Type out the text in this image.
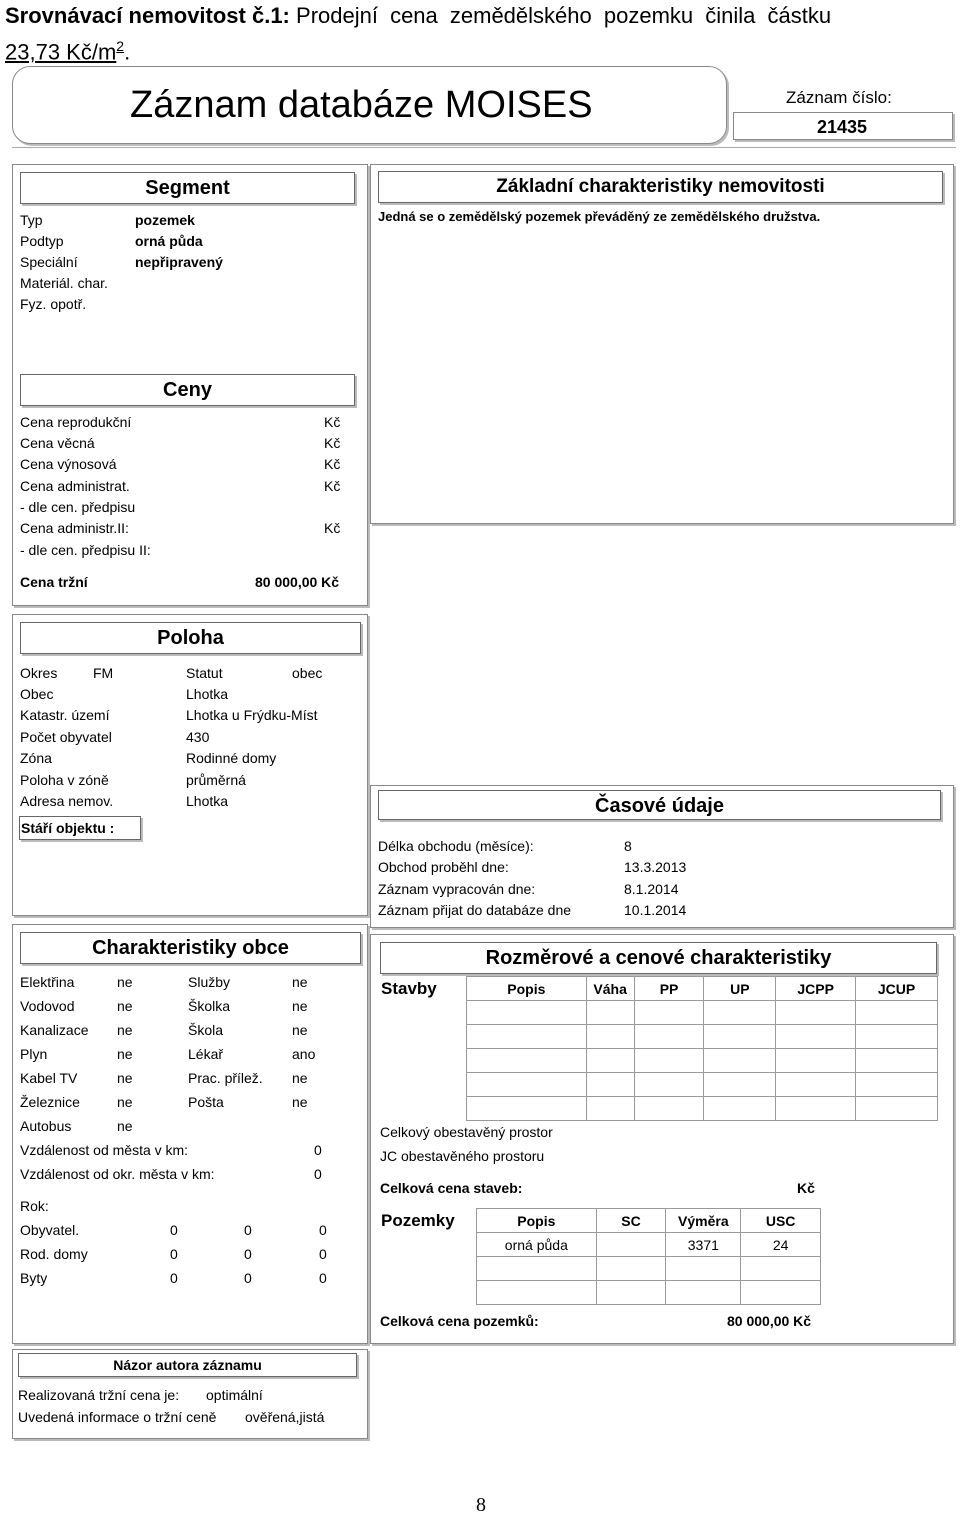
Srovnávací nemovitost č.1: Prodejní cena zemědělského pozemku činila částku
23,73 $Kč/m^2$.
Záznam databáze MOISES	Záznam číslo:
21435
Segment
Typ	pozemek
Podtyp	orná půda
Speciální	nepřipravený
Materiál. char.
Fyz. opotř.
Ceny
Cena reprodukční	Kč
Cena věcná	Kč
Cena výnosová	Kč
Cena administrat.	Kč
- dle cen. předpisu
Cena administr.II:	Kč
- dle cen. předpisu II:
Cena tržní	80 000,00 Kč
Základní charakteristiky nemovitosti
Jedná se o zemědělský pozemek převáděný ze zemědělského družstva.
Poloha
Okres	FM	Statut	obec
Obec	Lhotka
Katastr. území	Lhotka u Frýdku-Míst
Počet obyvatel	430
Zóna	Rodinné domy
Poloha v zóně	průměrná
Adresa nemov.	Lhotka
Stáří objektu :
Časové údaje
Délka obchodu (měsíce):	8
Obchod proběhl dne:	13.3.2013
Záznam vypracován dne:	8.1.2014
Záznam přijat do databáze dne	10.1.2014
Charakteristiky obce
Elektřina	ne	Služby	ne
Vodovod	ne	Školka	ne
Kanalizace ne	Škola	ne
Plyn	ne	Lékař	ano
Kabel TV	ne	Prac. přílež. ne
Železnice	ne	Pošta	ne
Autobus	ne
Vzdálenost od města v km:	0
Vzdálenost od okr. města v km:	0
Rok:
Obyvatel.	0	0	0
Rod. domy	0	0	0
Byty	0	0	0
Rozměrové a cenové charakteristiky
Stavby	Popis	Váha	PP	UP	JCPP	JCUP

Celkový obestavěný prostor
JC obestavěného prostoru
Celková cena staveb:	Kč
Pozemky	Popis	SC	Výměra	USC
orná půda		3371	24

Celková cena pozemků:	80 000,00 Kč
Názor autora záznamu
Realizovaná tržní cena je: optimální
Uvedená informace o tržní ceně ověřená,jistá
8
